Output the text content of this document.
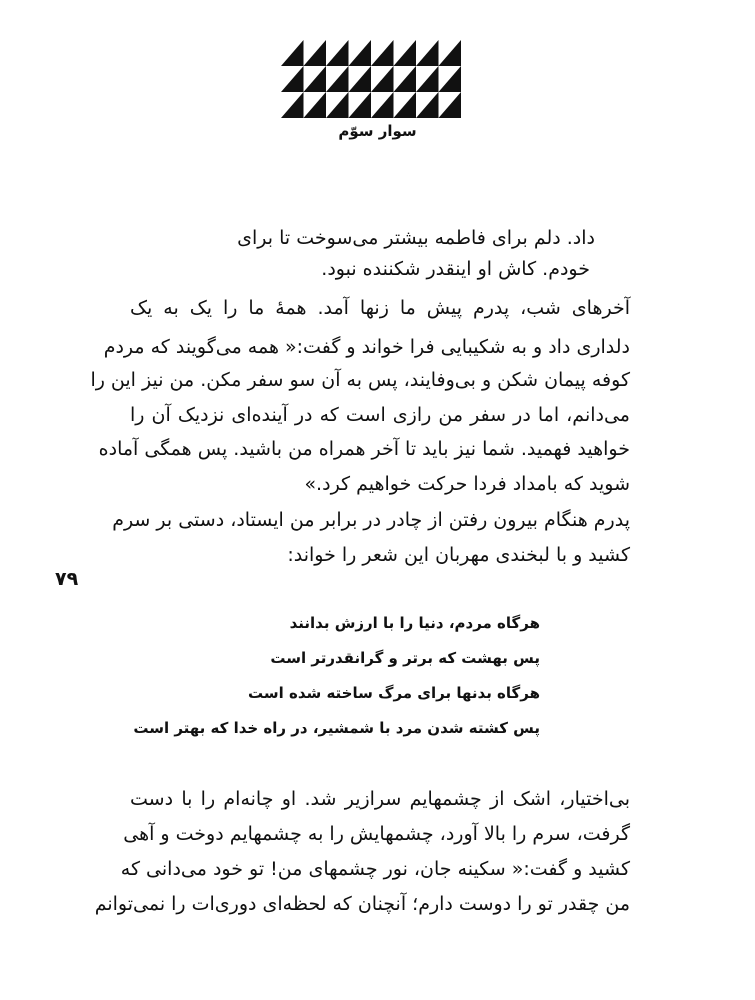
سوار سوّم
داد. دلم برای فاطمه بیشتر می‌سوخت تا برای
خودم. کاش او اینقدر شکننده نبود.
آخرهای شب، پدرم پیش ما زنها آمد. همهٔ ما را یک به یک
دلداری داد و به شکیبایی فرا خواند و گفت:« همه می‌گویند که مردم
کوفه پیمان شکن و بی‌وفایند، پس به آن سو سفر مکن. من نیز این را
می‌دانم، اما در سفر من رازی است که در آینده‌ای نزدیک آن را
خواهید فهمید. شما نیز باید تا آخر همراه من باشید. پس همگی آماده
شوید که بامداد فردا حرکت خواهیم کرد.»
پدرم هنگام بیرون رفتن از چادر در برابر من ایستاد، دستی بر سرم
کشید و با لبخندی مهربان این شعر را خواند:
۷۹
هرگاه مردم، دنیا را با ارزش بدانند
پس بهشت که برتر و گرانقدرتر است
هرگاه بدنها برای مرگ ساخته شده است
پس کشته شدن مرد با شمشیر، در راه خدا که بهتر است
بی‌اختیار، اشک از چشمهایم سرازیر شد. او چانه‌ام را با دست
گرفت، سرم را بالا آورد، چشمهایش را به چشمهایم دوخت و آهی
کشید و گفت:« سکینه جان، نور چشمهای من! تو خود می‌دانی که
من چقدر تو را دوست دارم؛ آنچنان که لحظه‌ای دوری‌ات را نمی‌توانم
